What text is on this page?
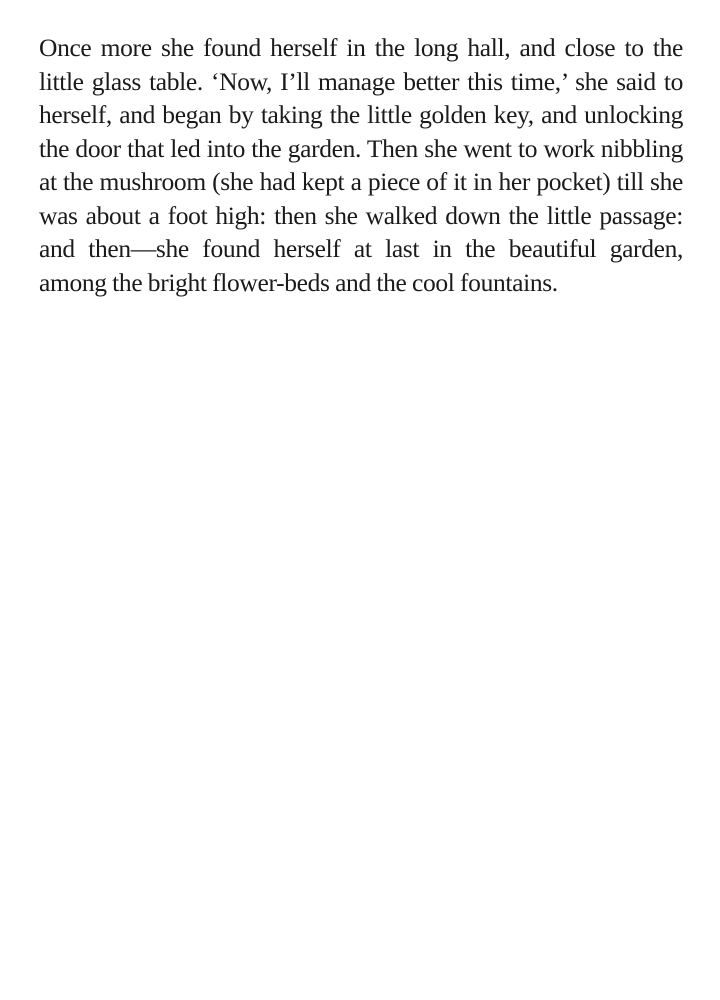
Once more she found herself in the long hall, and close to the little glass table. ‘Now, I’ll manage better this time,’ she said to herself, and began by taking the little golden key, and unlocking the door that led into the garden. Then she went to work nibbling at the mushroom (she had kept a piece of it in her pocket) till she was about a foot high: then she walked down the little passage: and then—she found herself at last in the beautiful garden, among the bright flower-beds and the cool fountains.
